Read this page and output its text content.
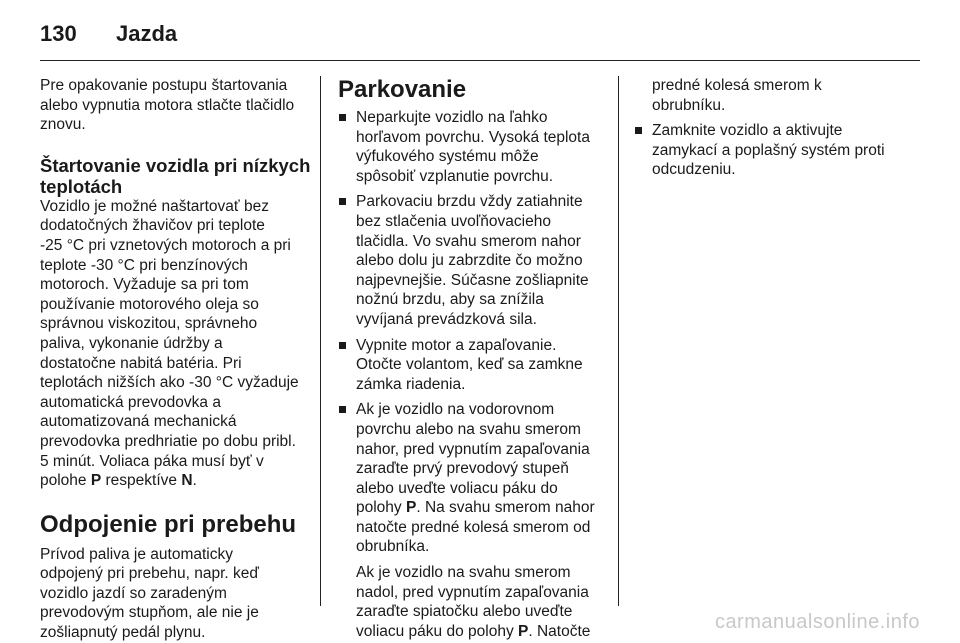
130	Jazda
Pre opakovanie postupu štartovania
alebo vypnutia motora stlačte tlačidlo
znovu.
Štartovanie vozidla pri nízkych
teplotách
Vozidlo je možné naštartovať bez
dodatočných žhavičov pri teplote
-25 °C pri vznetových motoroch a pri
teplote -30 °C pri benzínových
motoroch. Vyžaduje sa pri tom
používanie motorového oleja so
správnou viskozitou, správneho
paliva, vykonanie údržby a
dostatočne nabitá batéria. Pri
teplotách nižších ako -30 °C vyžaduje
automatická prevodovka a
automatizovaná mechanická
prevodovka predhriatie po dobu pribl.
5 minút. Voliaca páka musí byť v
polohe P respektíve N.
Odpojenie pri prebehu
Prívod paliva je automaticky
odpojený pri prebehu, napr. keď
vozidlo jazdí so zaradeným
prevodovým stupňom, ale nie je
zošliapnutý pedál plynu.
Parkovanie
Neparkujte vozidlo na ľahko
horľavom povrchu. Vysoká teplota
výfukového systému môže
spôsobiť vzplanutie povrchu.
Parkovaciu brzdu vždy zatiahnite
bez stlačenia uvoľňovacieho
tlačidla. Vo svahu smerom nahor
alebo dolu ju zabrzdite čo možno
najpevnejšie. Súčasne zošliapnite
nožnú brzdu, aby sa znížila
vyvíjaná prevádzková sila.
Vypnite motor a zapaľovanie.
Otočte volantom, keď sa zamkne
zámka riadenia.
Ak je vozidlo na vodorovnom
povrchu alebo na svahu smerom
nahor, pred vypnutím zapaľovania
zaraďte prvý prevodový stupeň
alebo uveďte voliacu páku do
polohy P. Na svahu smerom nahor
natočte predné kolesá smerom od
obrubníka.
Ak je vozidlo na svahu smerom
nadol, pred vypnutím zapaľovania
zaraďte spiatočku alebo uveďte
voliacu páku do polohy P. Natočte
predné kolesá smerom k
obrubníku.
Zamknite vozidlo a aktivujte
zamykací a poplašný systém proti
odcudzeniu.
carmanualsonline.info
